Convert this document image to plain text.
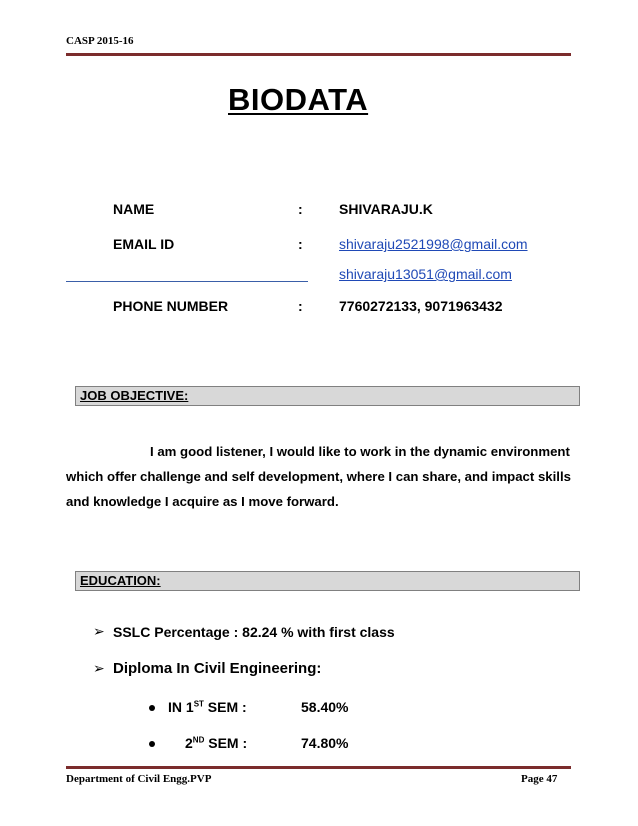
CASP 2015-16
BIODATA
NAME	:	SHIVARAJU.K
EMAIL ID	:	shivaraju2521998@gmail.com
shivaraju13051@gmail.com
PHONE NUMBER	:	7760272133, 9071963432
JOB OBJECTIVE:

I am good listener, I would like to work in the dynamic environment

which offer challenge and self development, where I can share, and impact skills

and knowledge I acquire as I move forward.

EDUCATION:
➢ SSLC Percentage : 82.24 % with first class
➢ Diploma In Civil Engineering:
IN 1ST SEM :	58.40%
2ND SEM :	74.80%
Department of Civil Engg.PVP	Page 47
